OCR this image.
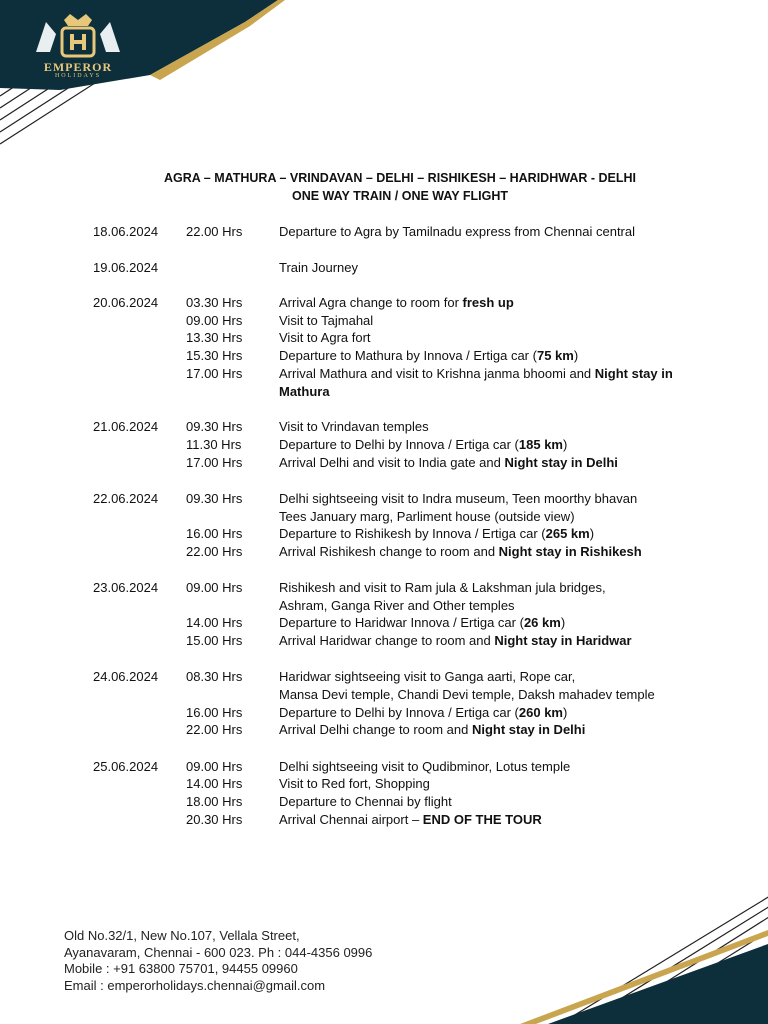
EMPEROR
HOLIDAYS
AGRA – MATHURA – VRINDAVAN – DELHI – RISHIKESH – HARIDHWAR - DELHI
ONE WAY TRAIN / ONE WAY FLIGHT
18.06.2024 22.00 Hrs	Departure to Agra by Tamilnadu express from Chennai central
19.06.2024	Train Journey
20.06.2024 03.30 Hrs	Arrival Agra change to room for fresh up
09.00 Hrs	Visit to Tajmahal
13.30 Hrs	Visit to Agra fort
15.30 Hrs	Departure to Mathura by Innova / Ertiga car (75 km)
17.00 Hrs	Arrival Mathura and visit to Krishna janma bhoomi and Night stay in
Mathura
21.06.2024 09.30 Hrs	Visit to Vrindavan temples
11.30 Hrs	Departure to Delhi by Innova / Ertiga car (185 km)
17.00 Hrs	Arrival Delhi and visit to India gate and Night stay in Delhi
22.06.2024 09.30 Hrs	Delhi sightseeing visit to Indra museum, Teen moorthy bhavan
Tees January marg, Parliment house (outside view)
16.00 Hrs	Departure to Rishikesh by Innova / Ertiga car (265 km)
22.00 Hrs	Arrival Rishikesh change to room and Night stay in Rishikesh
23.06.2024 09.00 Hrs	Rishikesh and visit to Ram jula & Lakshman jula bridges,
Ashram, Ganga River and Other temples
14.00 Hrs	Departure to Haridwar Innova / Ertiga car (26 km)
15.00 Hrs	Arrival Haridwar change to room and Night stay in Haridwar
24.06.2024 08.30 Hrs	Haridwar sightseeing visit to Ganga aarti, Rope car,
Mansa Devi temple, Chandi Devi temple, Daksh mahadev temple
16.00 Hrs	Departure to Delhi by Innova / Ertiga car (260 km)
22.00 Hrs	Arrival Delhi change to room and Night stay in Delhi
25.06.2024 09.00 Hrs	Delhi sightseeing visit to Qudibminor, Lotus temple
14.00 Hrs	Visit to Red fort, Shopping
18.00 Hrs	Departure to Chennai by flight
20.30 Hrs	Arrival Chennai airport – END OF THE TOUR
Old No.32/1, New No.107, Vellala Street,
Ayanavaram, Chennai - 600 023. Ph : 044-4356 0996
Mobile : +91 63800 75701, 94455 09960
Email : emperorholidays.chennai@gmail.com
